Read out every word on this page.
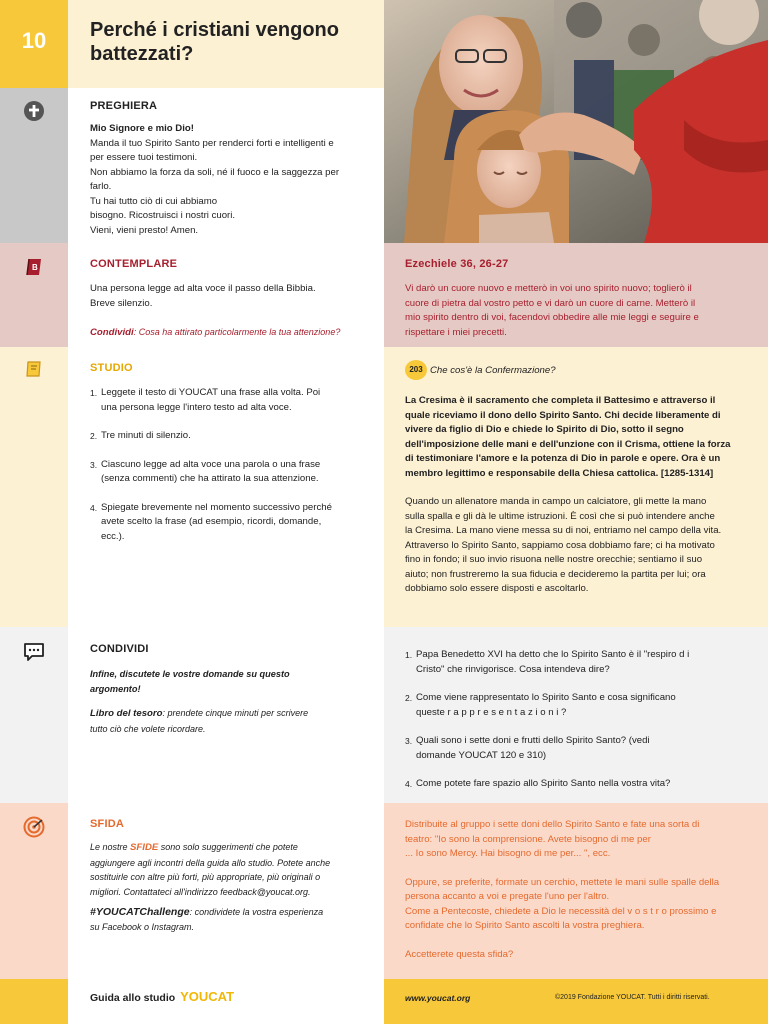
10	Perché i cristiani vengono
battezzati?
PREGHIERA
Mio Signore e mio Dio!
Manda il tuo Spirito Santo per renderci forti e intelligenti e
per essere tuoi testimoni.
Non abbiamo la forza da soli, né il fuoco e la saggezza per
farlo.
Tu hai tutto ciò di cui abbiamo
bisogno. Ricostruisci i nostri cuori.
Vieni, vieni presto! Amen.
B	CONTEMPLARE
Una persona legge ad alta voce il passo della Bibbia.
Breve silenzio.
Condividi: Cosa ha attirato particolarmente la tua attenzione?
Ezechiele 36, 26-27
Vi darò un cuore nuovo e metterò in voi uno spirito nuovo; toglierò il
cuore di pietra dal vostro petto e vi darò un cuore di carne. Metterò il
mio spirito dentro di voi, facendovi obbedire alle mie leggi e seguire e
rispettare i miei precetti.
STUDIO
1. Leggete il testo di YOUCAT una frase alla volta. Poi
una persona legge l'intero testo ad alta voce.
2. Tre minuti di silenzio.
3. Ciascuno legge ad alta voce una parola o una frase
(senza commenti) che ha attirato la sua attenzione.
4. Spiegate brevemente nel momento successivo perché
avete scelto la frase (ad esempio, ricordi, domande,
ecc.).
203 Che cos'è la Confermazione?
La Cresima è il sacramento che completa il Battesimo e attraverso il
quale riceviamo il dono dello Spirito Santo. Chi decide liberamente di
vivere da figlio di Dio e chiede lo Spirito di Dio, sotto il segno
dell'imposizione delle mani e dell'unzione con il Crisma, ottiene la forza
di testimoniare l'amore e la potenza di Dio in parole e opere. Ora è un
membro legittimo e responsabile della Chiesa cattolica. [1285-1314]
Quando un allenatore manda in campo un calciatore, gli mette la mano
sulla spalla e gli dà le ultime istruzioni. È così che si può intendere anche
la Cresima. La mano viene messa su di noi, entriamo nel campo della vita.
Attraverso lo Spirito Santo, sappiamo cosa dobbiamo fare; ci ha motivato
fino in fondo; il suo invio risuona nelle nostre orecchie; sentiamo il suo
aiuto; non frustreremo la sua fiducia e decideremo la partita per lui; ora
dobbiamo solo essere disposti e ascoltarlo.
CONDIVIDI
Infine, discutete le vostre domande su questo
argomento!
Libro del tesoro: prendete cinque minuti per scrivere
tutto ciò che volete ricordare.
1. Papa Benedetto XVI ha detto che lo Spirito Santo è il "respiro d i
Cristo" che rinvigorisce. Cosa intendeva dire?
2. Come viene rappresentato lo Spirito Santo e cosa significano
queste r a p p r e s e n t a z i o n i ?
3. Quali sono i sette doni e frutti dello Spirito Santo? (vedi
domande YOUCAT 120 e 310)
4. Come potete fare spazio allo Spirito Santo nella vostra vita?
SFIDA
Le nostre SFIDE sono solo suggerimenti che potete
aggiungere agli incontri della guida allo studio. Potete anche
sostituirle con altre più forti, più appropriate, più originali o
migliori. Contattateci all'indirizzo feedback@youcat.org.
#YOUCATChallenge: condividete la vostra esperienza
su Facebook o Instagram.
Distribuite al gruppo i sette doni dello Spirito Santo e fate una sorta di
teatro: "Io sono la comprensione. Avete bisogno di me per
... Io sono Mercy. Hai bisogno di me per... ", ecc.
Oppure, se preferite, formate un cerchio, mettete le mani sulle spalle della
persona accanto a voi e pregate l'uno per l'altro.
Come a Pentecoste, chiedete a Dio le necessità del v o s t r o prossimo e
confidate che lo Spirito Santo ascolti la vostra preghiera.
Accetterete questa sfida?
Guida allo studio YOUCAT	www.youcat.org	©2019 Fondazione YOUCAT. Tutti i diritti riservati.
